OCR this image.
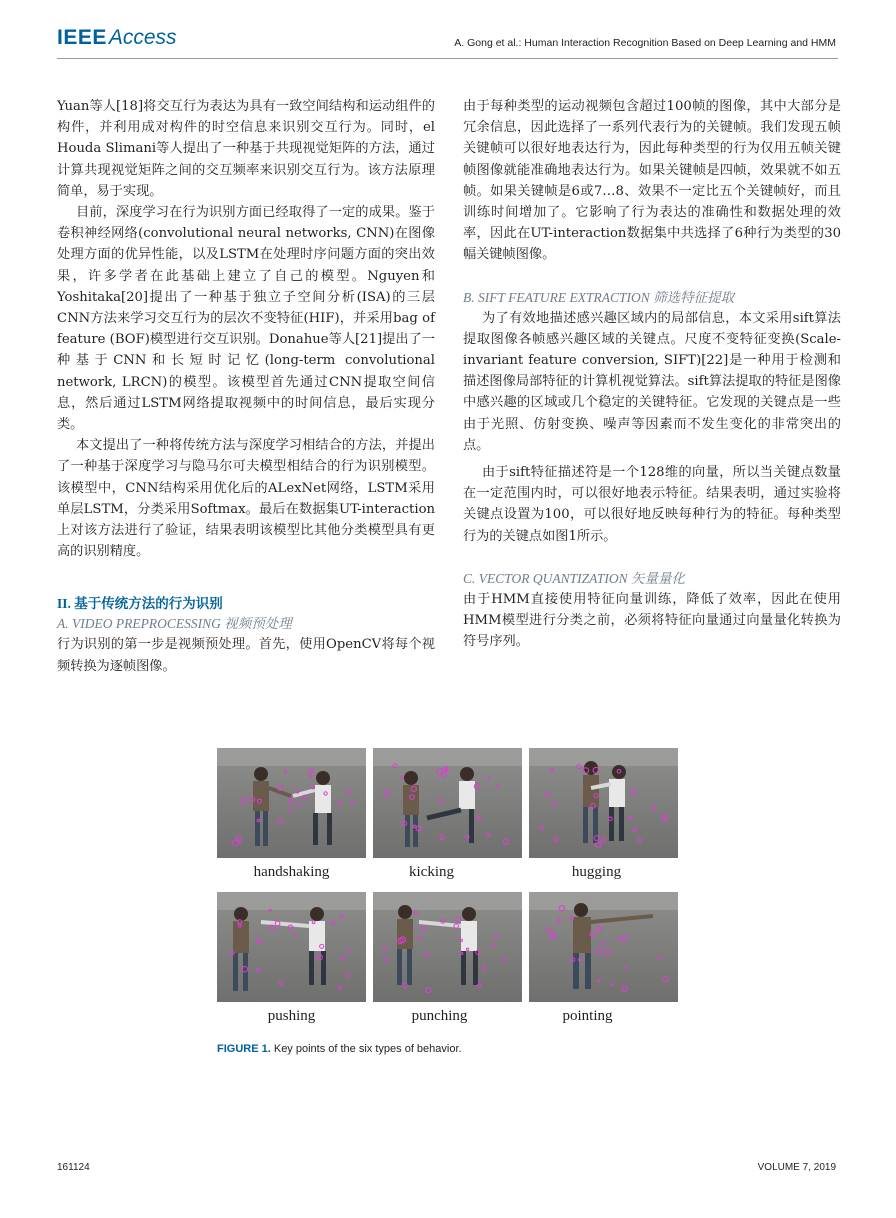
IEEEAccess	A. Gong et al.: Human Interaction Recognition Based on Deep Learning and HMM

Yuan等人[18]将交互行为表达为具有一致空间结构和运动组件的构件，并利用成对构件的时空信息来识别交互行为。同时，el Houda Slimani等人提出了一种基于共现视觉矩阵的方法，通过计算共现视觉矩阵之间的交互频率来识别交互行为。该方法原理简单，易于实现。

目前，深度学习在行为识别方面已经取得了一定的成果。鉴于卷积神经网络(convolutional neural networks, CNN)在图像处理方面的优异性能，以及LSTM在处理时序问题方面的突出效果，许多学者在此基础上建立了自己的模型。Nguyen和Yoshitaka[20]提出了一种基于独立子空间分析(ISA)的三层CNN方法来学习交互行为的层次不变特征(HIF)，并采用bag of feature (BOF)模型进行交互识别。Donahue等人[21]提出了一种基于CNN和长短时记忆(long-term convolutional network, LRCN)的模型。该模型首先通过CNN提取空间信息，然后通过LSTM网络提取视频中的时间信息，最后实现分类。

本文提出了一种将传统方法与深度学习相结合的方法，并提出了一种基于深度学习与隐马尔可夫模型相结合的行为识别模型。该模型中，CNN结构采用优化后的ALexNet网络，LSTM采用单层LSTM，分类采用Softmax。最后在数据集UT-interaction上对该方法进行了验证，结果表明该模型比其他分类模型具有更高的识别精度。

II. 基于传统方法的行为识别
A. VIDEO PREPROCESSING 视频预处理

行为识别的第一步是视频预处理。首先，使用OpenCV将每个视频转换为逐帧图像。

由于每种类型的运动视频包含超过100帧的图像，其中大部分是冗余信息，因此选择了一系列代表行为的关键帧。我们发现五帧关键帧可以很好地表达行为，因此每种类型的行为仅用五帧关键帧图像就能准确地表达行为。如果关键帧是四帧，效果就不如五帧。如果关键帧是6或7…8、效果不一定比五个关键帧好，而且训练时间增加了。它影响了行为表达的准确性和数据处理的效率，因此在UT-interaction数据集中共选择了6种行为类型的30幅关键帧图像。

B. SIFT FEATURE EXTRACTION 筛选特征提取

为了有效地描述感兴趣区域内的局部信息，本文采用sift算法提取图像各帧感兴趣区域的关键点。尺度不变特征变换(Scale-invariant feature conversion, SIFT)[22]是一种用于检测和描述图像局部特征的计算机视觉算法。sift算法提取的特征是图像中感兴趣的区域或几个稳定的关键特征。它发现的关键点是一些由于光照、仿射变换、噪声等因素而不发生变化的非常突出的点。

由于sift特征描述符是一个128维的向量，所以当关键点数量在一定范围内时，可以很好地表示特征。结果表明，通过实验将关键点设置为100，可以很好地反映每种行为的特征。每种类型行为的关键点如图1所示。

C. VECTOR QUANTIZATION 矢量量化

由于HMM直接使用特征向量训练，降低了效率，因此在使用HMM模型进行分类之前，必须将特征向量通过向量量化转换为符号序列。

handshaking	kicking	hugging
pushing	punching	pointing
FIGURE 1. Key points of the six types of behavior.
161124	VOLUME 7, 2019
